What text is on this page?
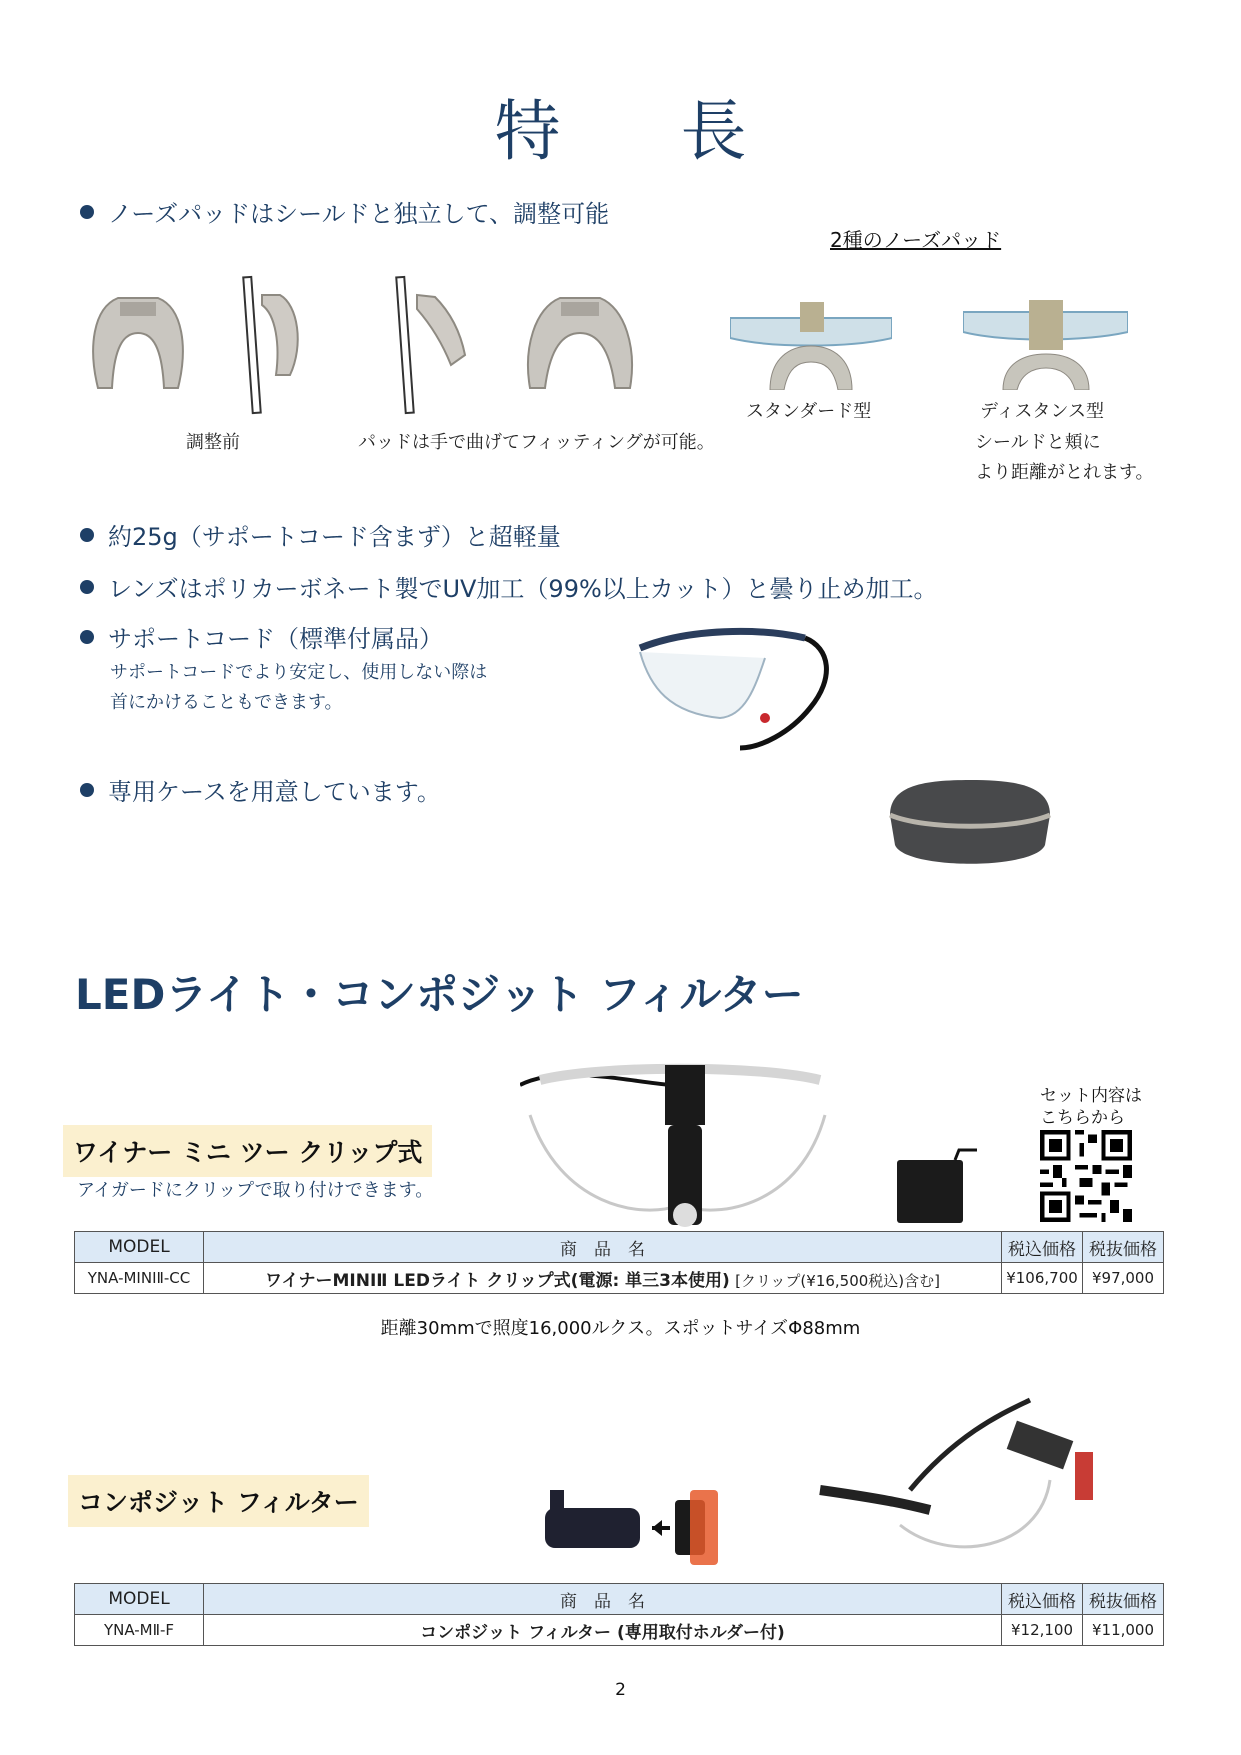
特 長
ノーズパッドはシールドと独立して、調整可能
2種のノーズパッド
調整前	パッドは手で曲げてフィッティングが可能。
スタンダード型	ディスタンス型
シールドと頬に
より距離がとれます。
約25g（サポートコード含まず）と超軽量
レンズはポリカーボネート製でUV加工（99%以上カット）と曇り止め加工。
サポートコード（標準付属品）
サポートコードでより安定し、使用しない際は
首にかけることもできます。
専用ケースを用意しています。
LEDライト・コンポジット フィルター
セット内容は
こちらから
ワイナー ミニ ツー クリップ式
アイガードにクリップで取り付けできます。
MODEL	商　品　名	税込価格	税抜価格
YNA-MINIⅡ-CC	ワイナーMINIⅡ LEDライト クリップ式(電源: 単三3本使用) [クリップ(¥16,500税込)含む]	¥106,700	¥97,000
距離30mmで照度16,000ルクス。スポットサイズΦ88mm
コンポジット フィルター
MODEL	商　品　名	税込価格	税抜価格
YNA-MⅡ-F	コンポジット フィルター (専用取付ホルダー付)	¥12,100	¥11,000
2
